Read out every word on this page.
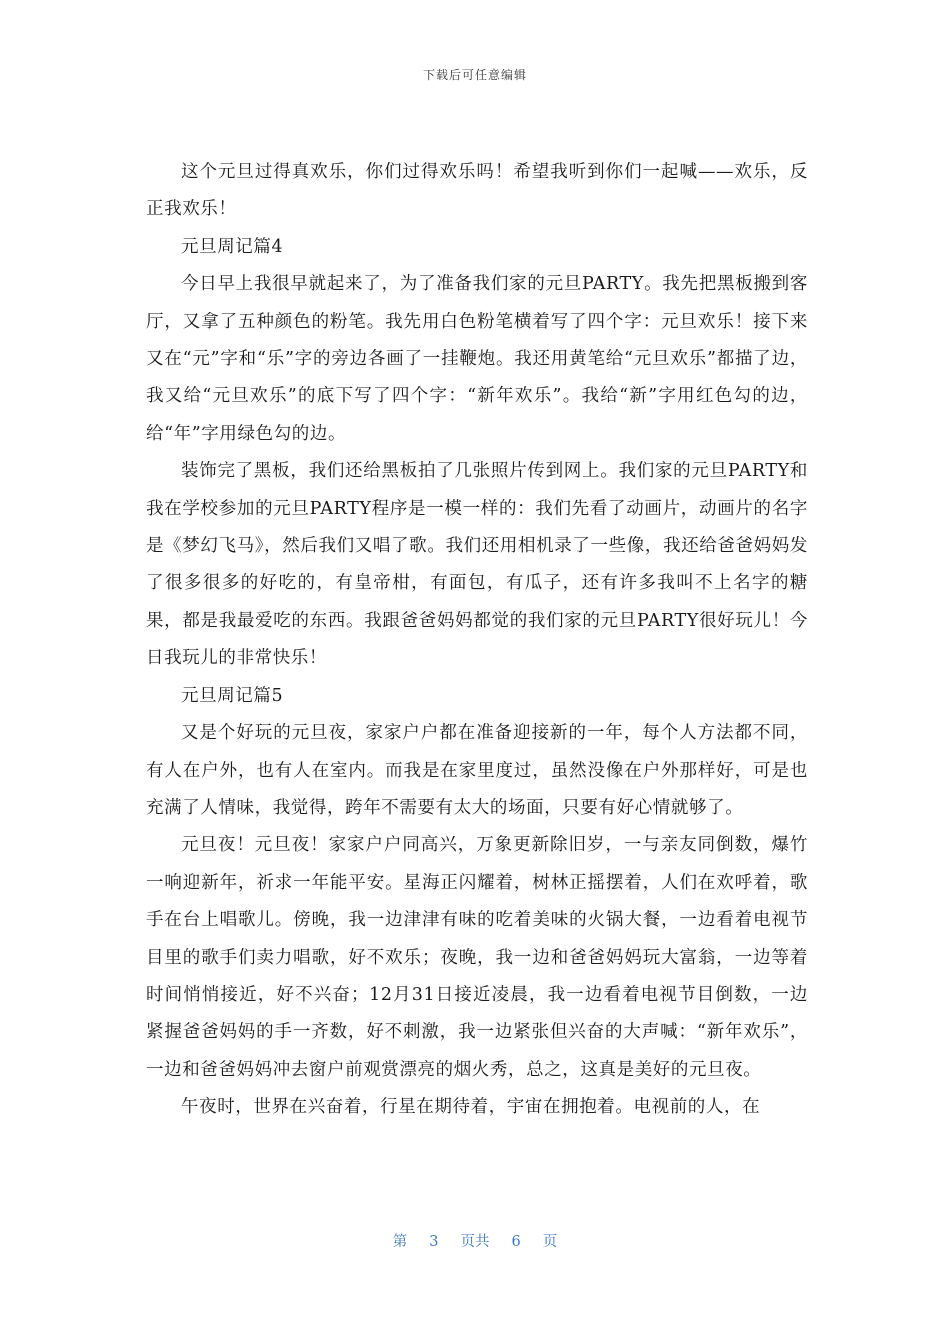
下载后可任意编辑

这个元旦过得真欢乐，你们过得欢乐吗！希望我听到你们一起喊——欢乐，反正我欢乐！

元旦周记篇4

今日早上我很早就起来了，为了准备我们家的元旦PARTY。我先把黑板搬到客厅，又拿了五种颜色的粉笔。我先用白色粉笔横着写了四个字：元旦欢乐！接下来又在“元”字和“乐”字的旁边各画了一挂鞭炮。我还用黄笔给“元旦欢乐”都描了边，我又给“元旦欢乐”的底下写了四个字：“新年欢乐”。我给“新”字用红色勾的边，给“年”字用绿色勾的边。

装饰完了黑板，我们还给黑板拍了几张照片传到网上。我们家的元旦PARTY和我在学校参加的元旦PARTY程序是一模一样的：我们先看了动画片，动画片的名字是《梦幻飞马》，然后我们又唱了歌。我们还用相机录了一些像，我还给爸爸妈妈发了很多很多的好吃的，有皇帝柑，有面包，有瓜子，还有许多我叫不上名字的糖果，都是我最爱吃的东西。我跟爸爸妈妈都觉的我们家的元旦PARTY很好玩儿！今日我玩儿的非常快乐！

元旦周记篇5

又是个好玩的元旦夜，家家户户都在准备迎接新的一年，每个人方法都不同，有人在户外，也有人在室内。而我是在家里度过，虽然没像在户外那样好，可是也充满了人情味，我觉得，跨年不需要有太大的场面，只要有好心情就够了。

元旦夜！元旦夜！家家户户同高兴，万象更新除旧岁，一与亲友同倒数，爆竹一响迎新年，祈求一年能平安。星海正闪耀着，树林正摇摆着，人们在欢呼着，歌手在台上唱歌儿。傍晚，我一边津津有味的吃着美味的火锅大餐，一边看着电视节目里的歌手们卖力唱歌，好不欢乐；夜晚，我一边和爸爸妈妈玩大富翁，一边等着时间悄悄接近，好不兴奋；12月31日接近凌晨，我一边看着电视节目倒数，一边紧握爸爸妈妈的手一齐数，好不刺激，我一边紧张但兴奋的大声喊：“新年欢乐”，一边和爸爸妈妈冲去窗户前观赏漂亮的烟火秀，总之，这真是美好的元旦夜。

午夜时，世界在兴奋着，行星在期待着，宇宙在拥抱着。电视前的人，在

第 3 页共 6 页
